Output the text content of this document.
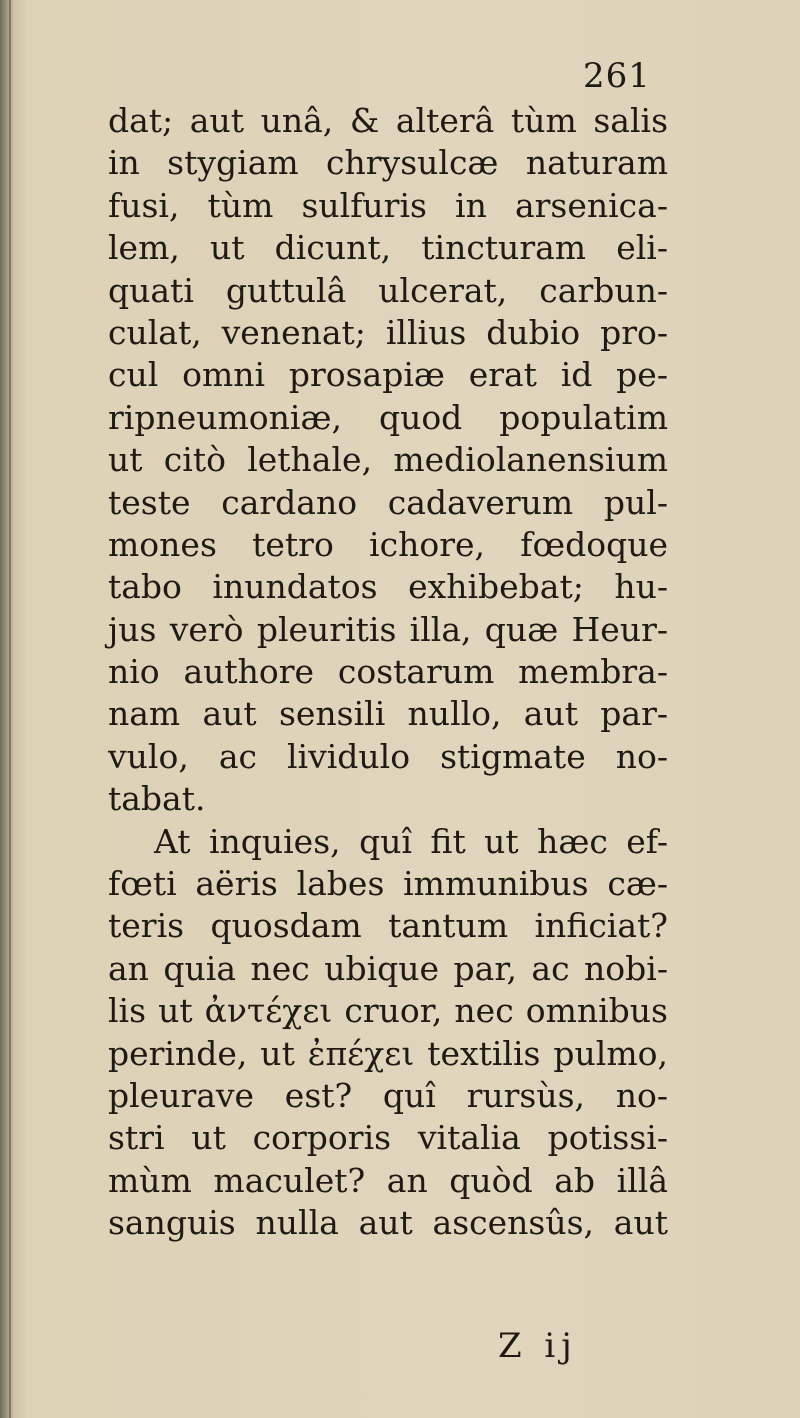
261
dat; aut unâ, & alterâ tùm salis
in stygiam chrysulcæ naturam
fusi, tùm sulfuris in arsenica-
lem, ut dicunt, tincturam eli-
quati guttulâ ulcerat, carbun-
culat, venenat; illius dubio pro-
cul omni prosapiæ erat id pe-
ripneumoniæ, quod populatim
ut citò lethale, mediolanensium
teste cardano cadaverum pul-
mones tetro ichore, fœdoque
tabo inundatos exhibebat; hu-
jus verò pleuritis illa, quæ Heur-
nio authore costarum membra-
nam aut sensili nullo, aut par-
vulo, ac lividulo stigmate no-
tabat.
At inquies, quî fit ut hæc ef-
fœti aëris labes immunibus cæ-
teris quosdam tantum inficiat?
an quia nec ubique par, ac nobi-
lis ut ἀντέχει cruor, nec omnibus
perinde, ut ἐπέχει textilis pulmo,
pleurave est? quî rursùs, no-
stri ut corporis vitalia potissi-
mùm maculet? an quòd ab illâ
sanguis nulla aut ascensûs, aut
Z ij
